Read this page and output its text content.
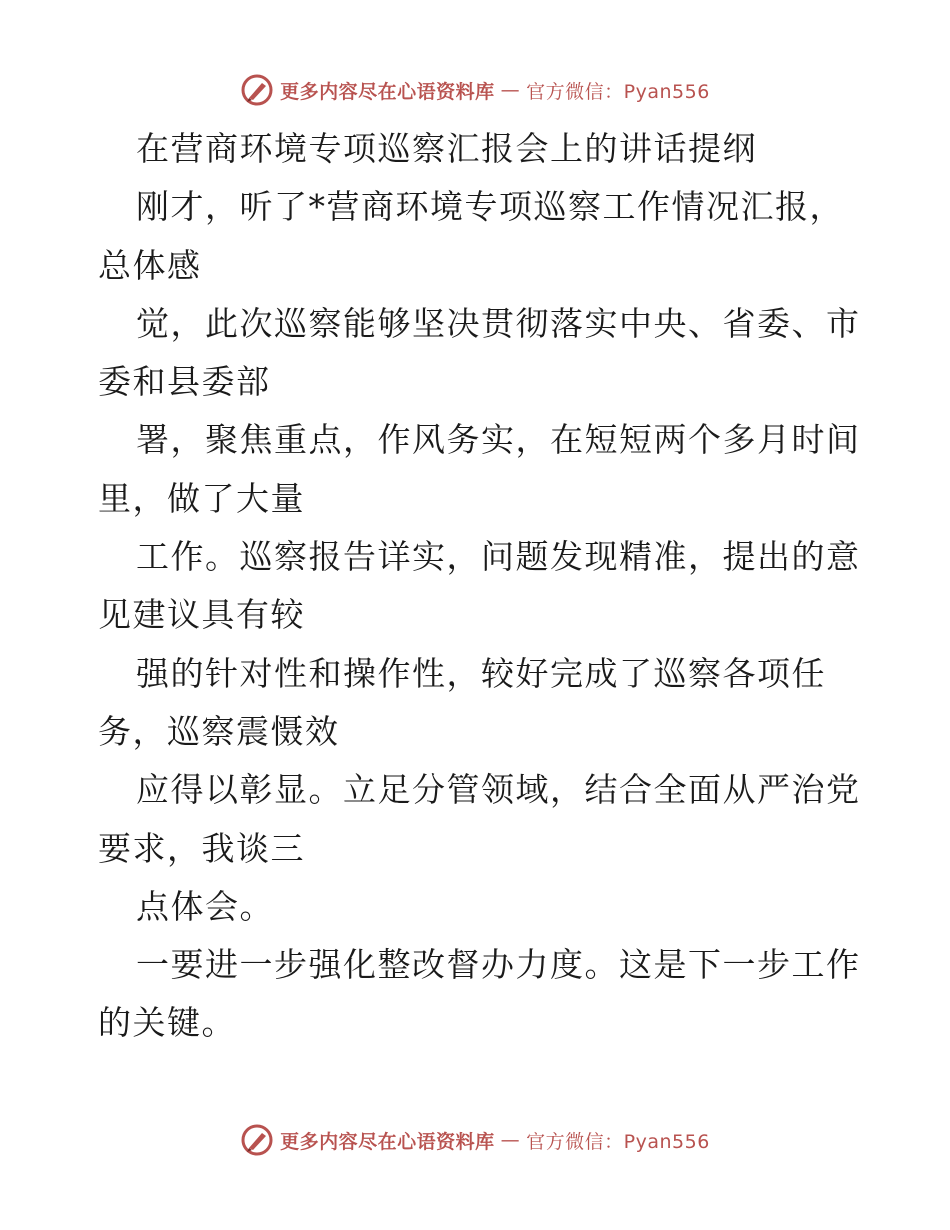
更多内容尽在心语资料库 — 官方微信：Pyan556
在营商环境专项巡察汇报会上的讲话提纲
刚才，听了*营商环境专项巡察工作情况汇报，
总体感
觉，此次巡察能够坚决贯彻落实中央、省委、市
委和县委部
署，聚焦重点，作风务实，在短短两个多月时间
里，做了大量
工作。巡察报告详实，问题发现精准，提出的意
见建议具有较
强的针对性和操作性，较好完成了巡察各项任
务，巡察震慑效
应得以彰显。立足分管领域，结合全面从严治党
要求，我谈三
点体会。
一要进一步强化整改督办力度。这是下一步工作
的关键。
更多内容尽在心语资料库 — 官方微信：Pyan556
